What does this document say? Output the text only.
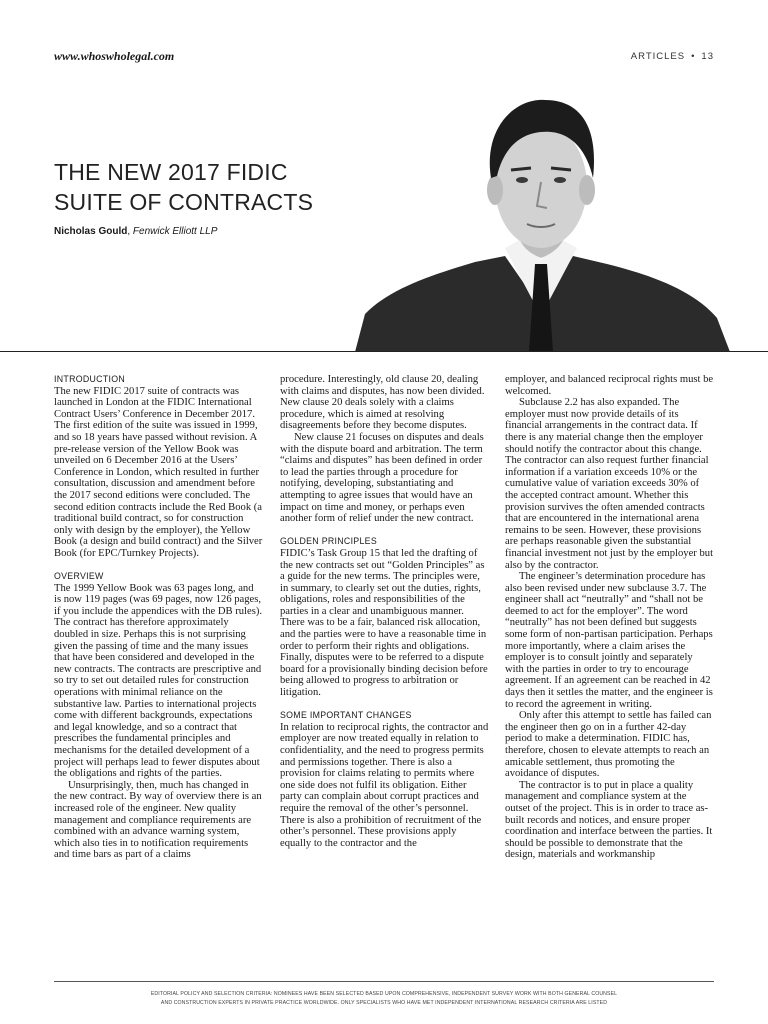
www.whoswholegal.com	ARTICLES • 13
THE NEW 2017 FIDIC
SUITE OF CONTRACTS
Nicholas Gould, Fenwick Elliott LLP
INTRODUCTION

The new FIDIC 2017 suite of contracts was launched in London at the FIDIC International Contract Users’ Conference in December 2017. The first edition of the suite was issued in 1999, and so 18 years have passed without revision. A pre-release version of the Yellow Book was unveiled on 6 December 2016 at the Users’ Conference in London, which resulted in further consultation, discussion and amendment before the 2017 second editions were concluded. The second edition contracts include the Red Book (a traditional build contract, so for construction only with design by the employer), the Yellow Book (a design and build contract) and the Silver Book (for EPC/Turnkey Projects).

OVERVIEW

The 1999 Yellow Book was 63 pages long, and is now 119 pages (was 69 pages, now 126 pages, if you include the appendices with the DB rules). The contract has therefore approximately doubled in size. Perhaps this is not surprising given the passing of time and the many issues that have been considered and developed in the new contracts. The contracts are prescriptive and so try to set out detailed rules for construction operations with minimal reliance on the substantive law. Parties to international projects come with different backgrounds, expectations and legal knowledge, and so a contract that prescribes the fundamental principles and mechanisms for the detailed development of a project will perhaps lead to fewer disputes about the obligations and rights of the parties.

Unsurprisingly, then, much has changed in the new contract. By way of overview there is an increased role of the engineer. New quality management and compliance requirements are combined with an advance warning system, which also ties in to notification requirements and time bars as part of a claims

procedure. Interestingly, old clause 20, dealing with claims and disputes, has now been divided. New clause 20 deals solely with a claims procedure, which is aimed at resolving disagreements before they become disputes.

New clause 21 focuses on disputes and deals with the dispute board and arbitration. The term “claims and disputes” has been defined in order to lead the parties through a procedure for notifying, developing, substantiating and attempting to agree issues that would have an impact on time and money, or perhaps even another form of relief under the new contract.

GOLDEN PRINCIPLES

FIDIC’s Task Group 15 that led the drafting of the new contracts set out “Golden Principles” as a guide for the new terms. The principles were, in summary, to clearly set out the duties, rights, obligations, roles and responsibilities of the parties in a clear and unambiguous manner. There was to be a fair, balanced risk allocation, and the parties were to have a reasonable time in order to perform their rights and obligations. Finally, disputes were to be referred to a dispute board for a provisionally binding decision before being allowed to progress to arbitration or litigation.

SOME IMPORTANT CHANGES

In relation to reciprocal rights, the contractor and employer are now treated equally in relation to confidentiality, and the need to progress permits and permissions together. There is also a provision for claims relating to permits where one side does not fulfil its obligation. Either party can complain about corrupt practices and require the removal of the other’s personnel. There is also a prohibition of recruitment of the other’s personnel. These provisions apply equally to the contractor and the

employer, and balanced reciprocal rights must be welcomed.

Subclause 2.2 has also expanded. The employer must now provide details of its financial arrangements in the contract data. If there is any material change then the employer should notify the contractor about this change. The contractor can also request further financial information if a variation exceeds 10% or the cumulative value of variation exceeds 30% of the accepted contract amount. Whether this provision survives the often amended contracts that are encountered in the international arena remains to be seen. However, these provisions are perhaps reasonable given the substantial financial investment not just by the employer but also by the contractor.

The engineer’s determination procedure has also been revised under new subclause 3.7. The engineer shall act “neutrally” and “shall not be deemed to act for the employer”. The word “neutrally” has not been defined but suggests some form of non-partisan participation. Perhaps more importantly, where a claim arises the employer is to consult jointly and separately with the parties in order to try to encourage agreement. If an agreement can be reached in 42 days then it settles the matter, and the engineer is to record the agreement in writing.

Only after this attempt to settle has failed can the engineer then go on in a further 42-day period to make a determination. FIDIC has, therefore, chosen to elevate attempts to reach an amicable settlement, thus promoting the avoidance of disputes.

The contractor is to put in place a quality management and compliance system at the outset of the project. This is in order to trace as-built records and notices, and ensure proper coordination and interface between the parties. It should be possible to demonstrate that the design, materials and workmanship

EDITORIAL POLICY AND SELECTION CRITERIA: NOMINEES HAVE BEEN SELECTED BASED UPON COMPREHENSIVE, INDEPENDENT SURVEY WORK WITH BOTH GENERAL COUNSEL
AND CONSTRUCTION EXPERTS IN PRIVATE PRACTICE WORLDWIDE. ONLY SPECIALISTS WHO HAVE MET INDEPENDENT INTERNATIONAL RESEARCH CRITERIA ARE LISTED
